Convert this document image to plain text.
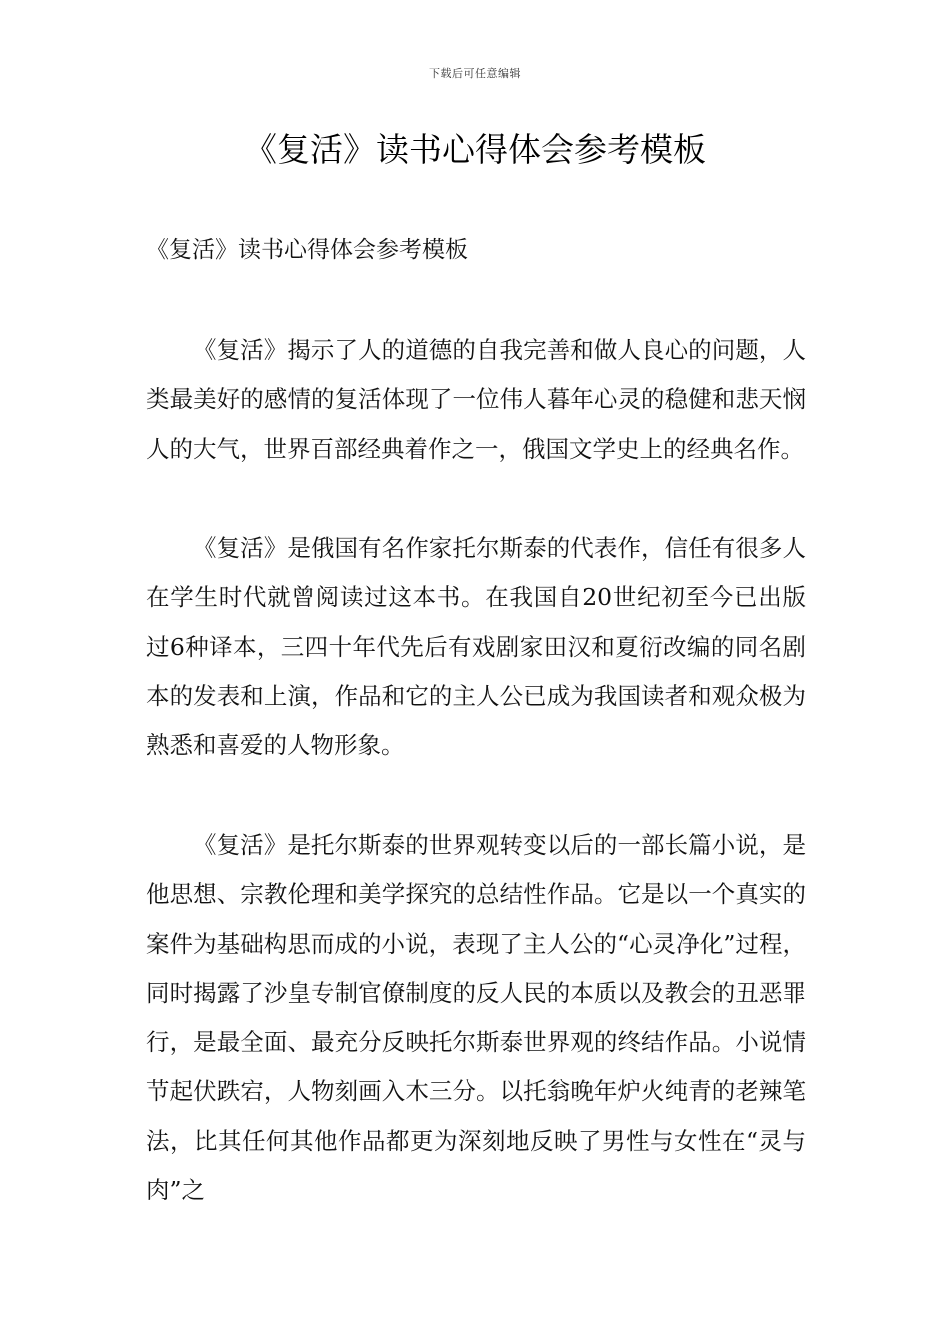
下载后可任意编辑
《复活》读书心得体会参考模板

《复活》读书心得体会参考模板

《复活》揭示了人的道德的自我完善和做人良心的问题，人类最美好的感情的复活体现了一位伟人暮年心灵的稳健和悲天悯人的大气，世界百部经典着作之一，俄国文学史上的经典名作。

《复活》是俄国有名作家托尔斯泰的代表作，信任有很多人在学生时代就曾阅读过这本书。在我国自20世纪初至今已出版过6种译本，三四十年代先后有戏剧家田汉和夏衍改编的同名剧本的发表和上演，作品和它的主人公已成为我国读者和观众极为熟悉和喜爱的人物形象。

《复活》是托尔斯泰的世界观转变以后的一部长篇小说，是他思想、宗教伦理和美学探究的总结性作品。它是以一个真实的案件为基础构思而成的小说，表现了主人公的“心灵净化”过程，同时揭露了沙皇专制官僚制度的反人民的本质以及教会的丑恶罪行，是最全面、最充分反映托尔斯泰世界观的终结作品。小说情节起伏跌宕，人物刻画入木三分。以托翁晚年炉火纯青的老辣笔法，比其任何其他作品都更为深刻地反映了男性与女性在“灵与肉”之
